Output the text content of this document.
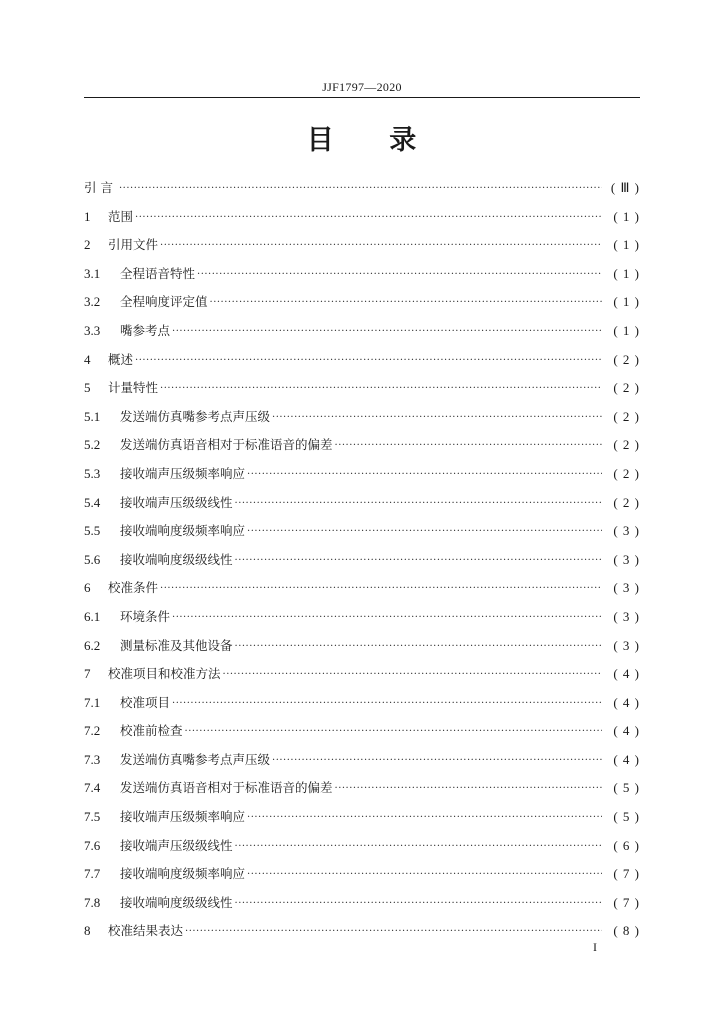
JJF1797—2020
目 录
引 言 ·····	( Ⅲ )
1	范围 ·····	( 1 )
2	引用文件 ·····	( 1 )
3.1	全程语音特性 ·····	( 1 )
3.2	全程响度评定值 ·····	( 1 )
3.3	嘴参考点 ·····	( 1 )
4	概述 ·····	( 2 )
5	计量特性 ·····	( 2 )
5.1	发送端仿真嘴参考点声压级 ·····	( 2 )
5.2	发送端仿真语音相对于标准语音的偏差 ·····	( 2 )
5.3	接收端声压级频率响应 ·····	( 2 )
5.4	接收端声压级级线性 ·····	( 2 )
5.5	接收端响度级频率响应 ·····	( 3 )
5.6	接收端响度级级线性 ·····	( 3 )
6	校准条件 ·····	( 3 )
6.1	环境条件 ·····	( 3 )
6.2	测量标准及其他设备 ·····	( 3 )
7	校准项目和校准方法 ·····	( 4 )
7.1	校准项目 ·····	( 4 )
7.2	校准前检查 ·····	( 4 )
7.3	发送端仿真嘴参考点声压级 ·····	( 4 )
7.4	发送端仿真语音相对于标准语音的偏差 ·····	( 5 )
7.5	接收端声压级频率响应 ·····	( 5 )
7.6	接收端声压级级线性 ·····	( 6 )
7.7	接收端响度级频率响应 ·····	( 7 )
7.8	接收端响度级级线性 ·····	( 7 )
8	校准结果表达 ·····	( 8 )
I
